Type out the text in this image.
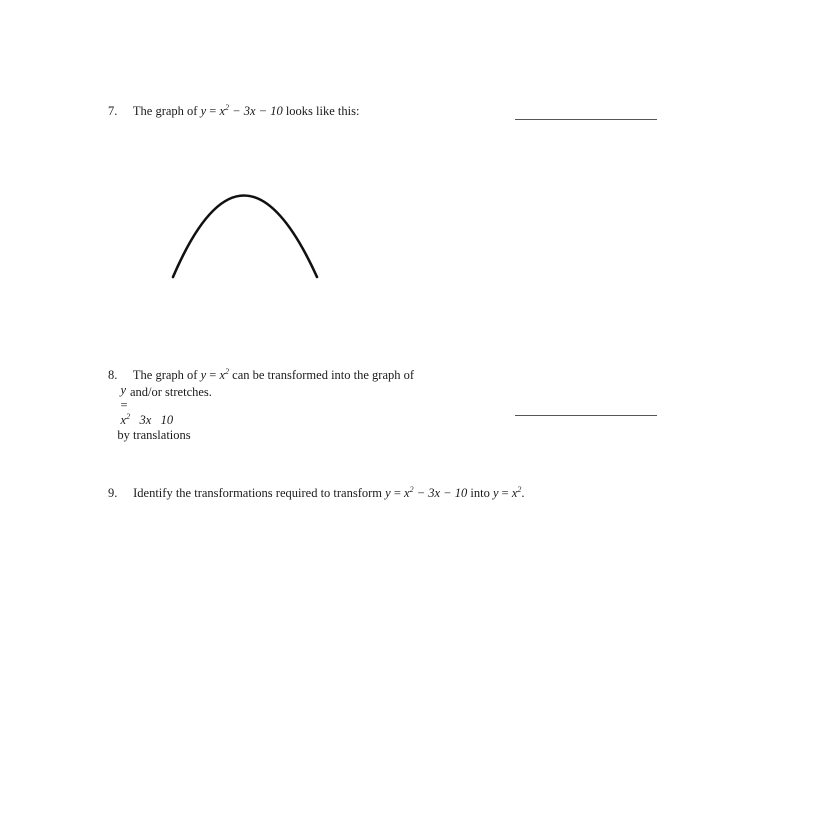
7. The graph of $y = x^2 - 3x - 10$ looks like this:
8. The graph of $y = x^2$ can be transformed into the graph of
y
=
$x^2$   3x   10
by translations
and/or stretches.
9. Identify the transformations required to transform $y = x^2 - 3x - 10$ into $y = x^2$.
